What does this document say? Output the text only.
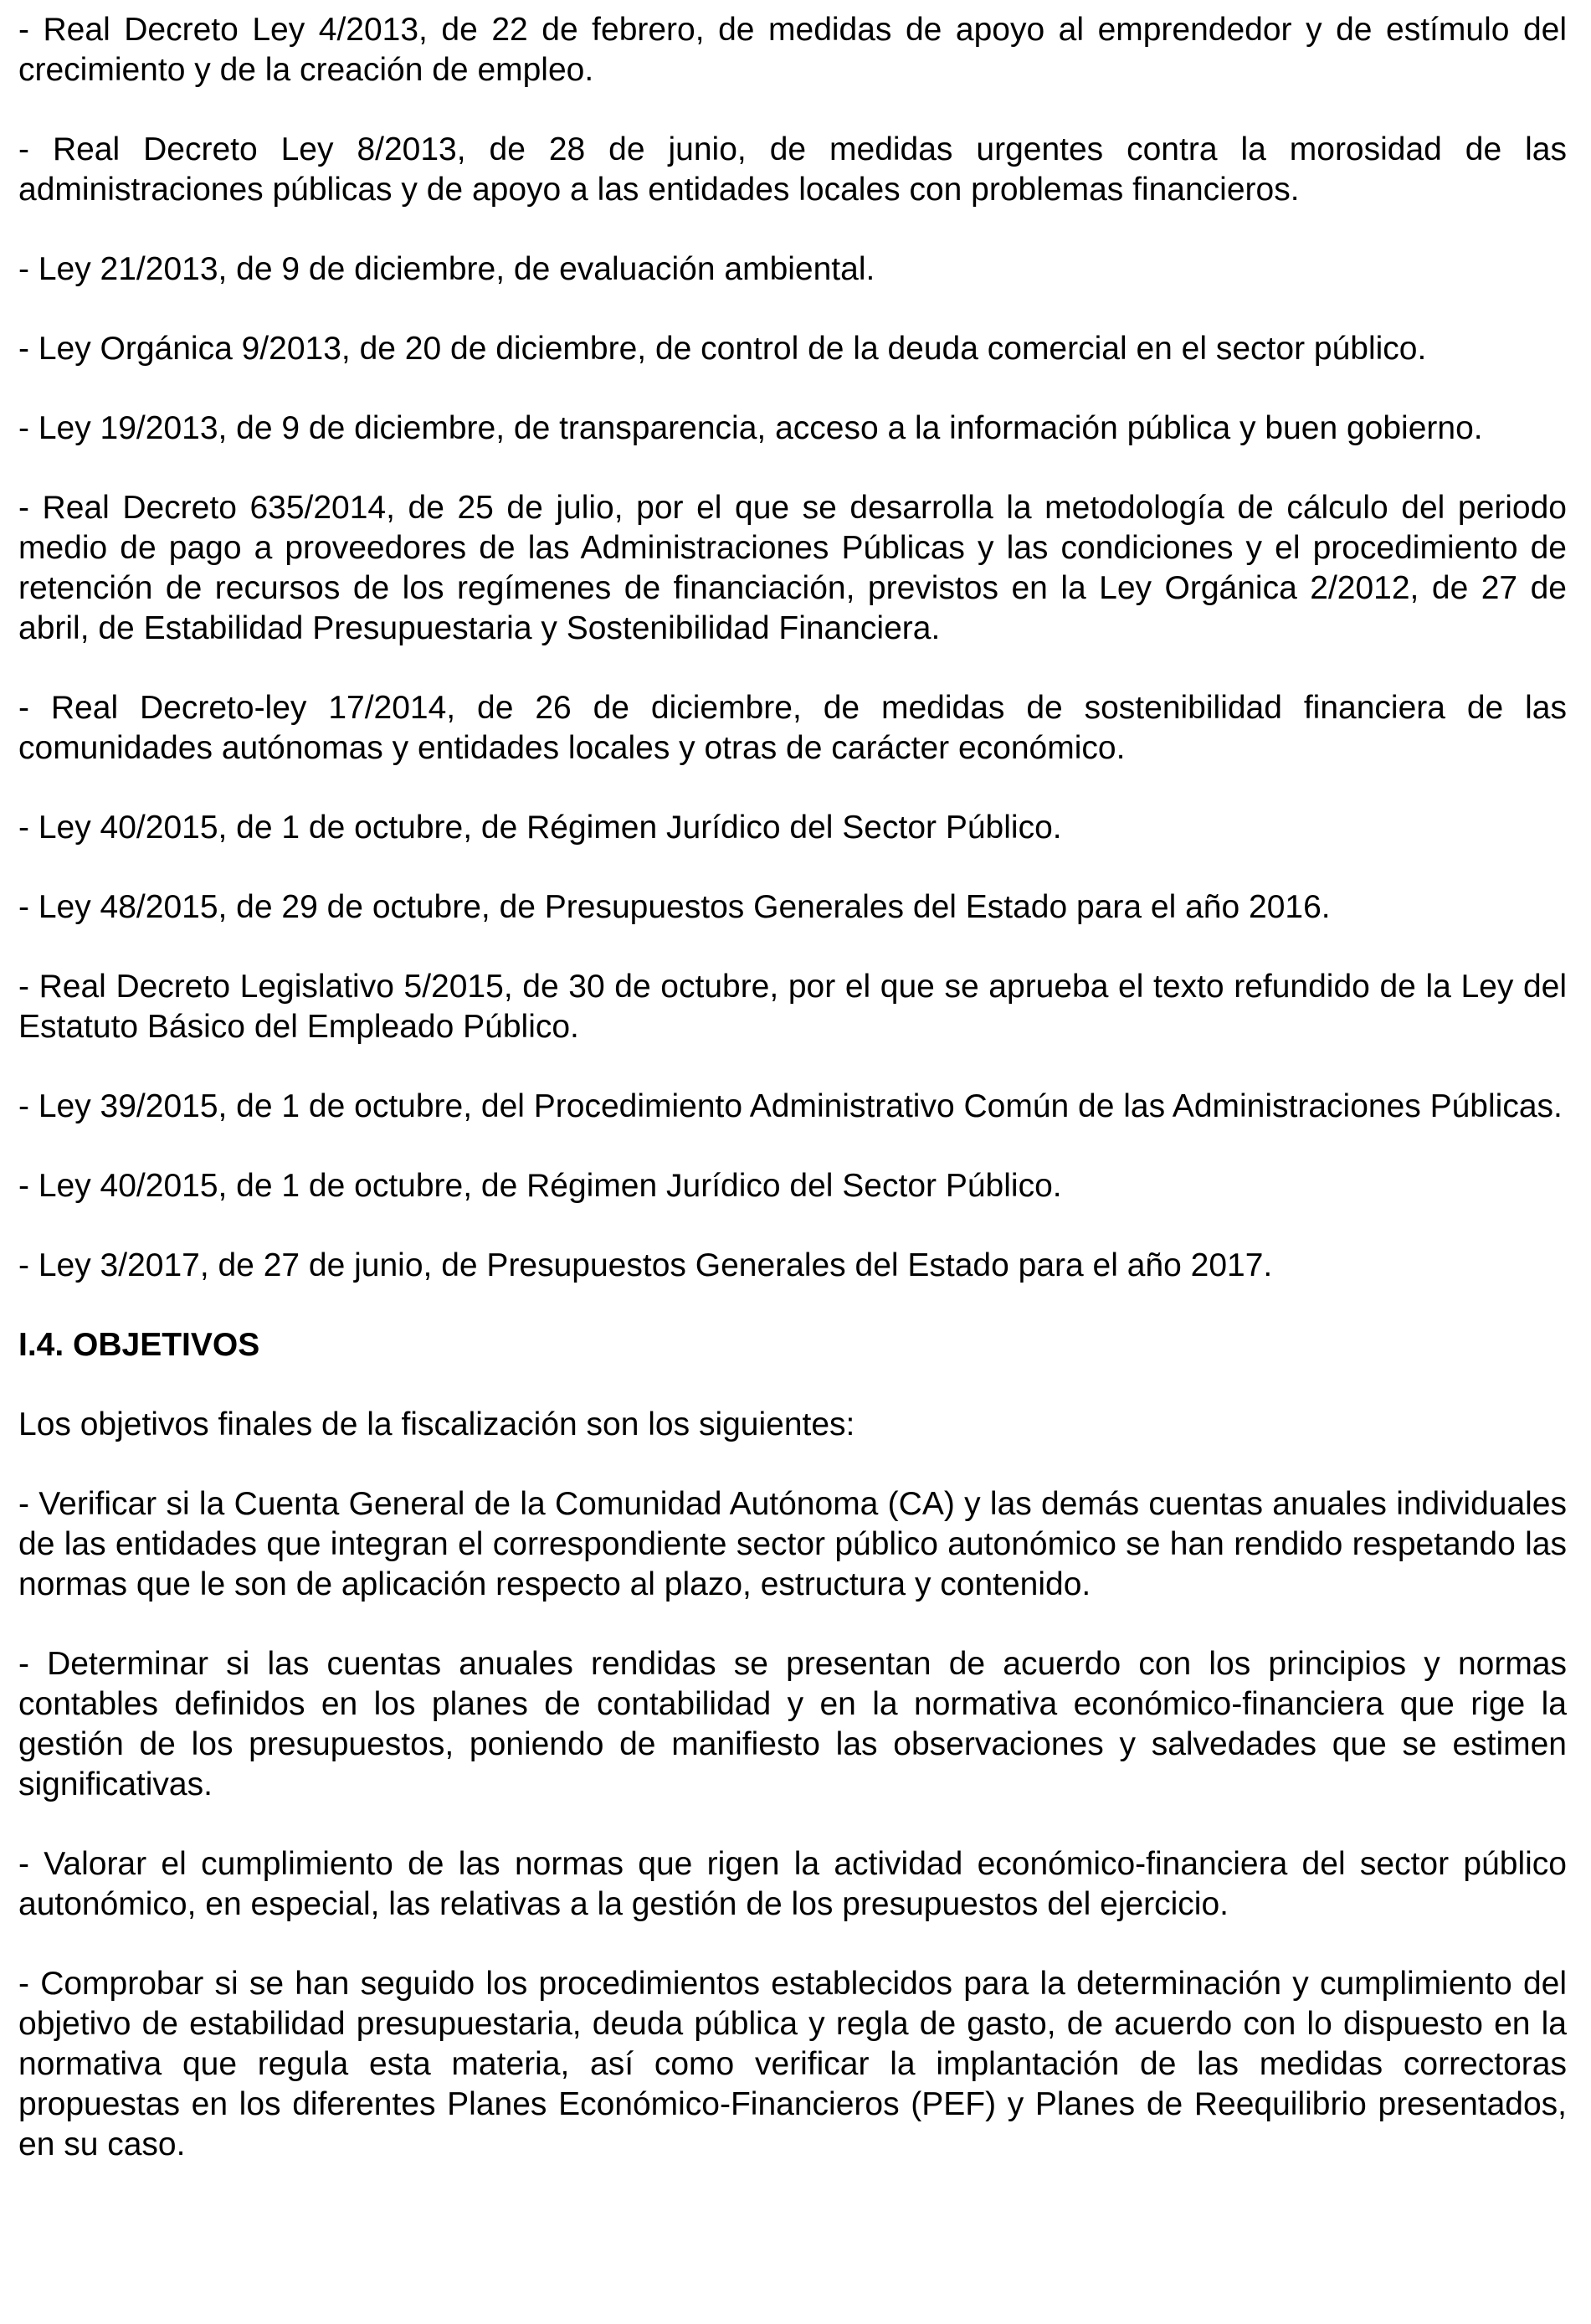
- Real Decreto Ley 4/2013, de 22 de febrero, de medidas de apoyo al emprendedor y de estímulo del crecimiento y de la creación de empleo.

- Real Decreto Ley 8/2013, de 28 de junio, de medidas urgentes contra la morosidad de las administraciones públicas y de apoyo a las entidades locales con problemas financieros.

- Ley 21/2013, de 9 de diciembre, de evaluación ambiental.

- Ley Orgánica 9/2013, de 20 de diciembre, de control de la deuda comercial en el sector público.

- Ley 19/2013, de 9 de diciembre, de transparencia, acceso a la información pública y buen gobierno.

- Real Decreto 635/2014, de 25 de julio, por el que se desarrolla la metodología de cálculo del periodo medio de pago a proveedores de las Administraciones Públicas y las condiciones y el procedimiento de retención de recursos de los regímenes de financiación, previstos en la Ley Orgánica 2/2012, de 27 de abril, de Estabilidad Presupuestaria y Sostenibilidad Financiera.

- Real Decreto-ley 17/2014, de 26 de diciembre, de medidas de sostenibilidad financiera de las comunidades autónomas y entidades locales y otras de carácter económico.

- Ley 40/2015, de 1 de octubre, de Régimen Jurídico del Sector Público.

- Ley 48/2015, de 29 de octubre, de Presupuestos Generales del Estado para el año 2016.

- Real Decreto Legislativo 5/2015, de 30 de octubre, por el que se aprueba el texto refundido de la Ley del Estatuto Básico del Empleado Público.

- Ley 39/2015, de 1 de octubre, del Procedimiento Administrativo Común de las Administraciones Públicas.

- Ley 40/2015, de 1 de octubre, de Régimen Jurídico del Sector Público.

- Ley 3/2017, de 27 de junio, de Presupuestos Generales del Estado para el año 2017.

I.4. OBJETIVOS

Los objetivos finales de la fiscalización son los siguientes:

- Verificar si la Cuenta General de la Comunidad Autónoma (CA) y las demás cuentas anuales individuales de las entidades que integran el correspondiente sector público autonómico se han rendido respetando las normas que le son de aplicación respecto al plazo, estructura y contenido.

- Determinar si las cuentas anuales rendidas se presentan de acuerdo con los principios y normas contables definidos en los planes de contabilidad y en la normativa económico-financiera que rige la gestión de los presupuestos, poniendo de manifiesto las observaciones y salvedades que se estimen significativas.

- Valorar el cumplimiento de las normas que rigen la actividad económico-financiera del sector público autonómico, en especial, las relativas a la gestión de los presupuestos del ejercicio.

- Comprobar si se han seguido los procedimientos establecidos para la determinación y cumplimiento del objetivo de estabilidad presupuestaria, deuda pública y regla de gasto, de acuerdo con lo dispuesto en la normativa que regula esta materia, así como verificar la implantación de las medidas correctoras propuestas en los diferentes Planes Económico-Financieros (PEF) y Planes de Reequilibrio presentados, en su caso.
